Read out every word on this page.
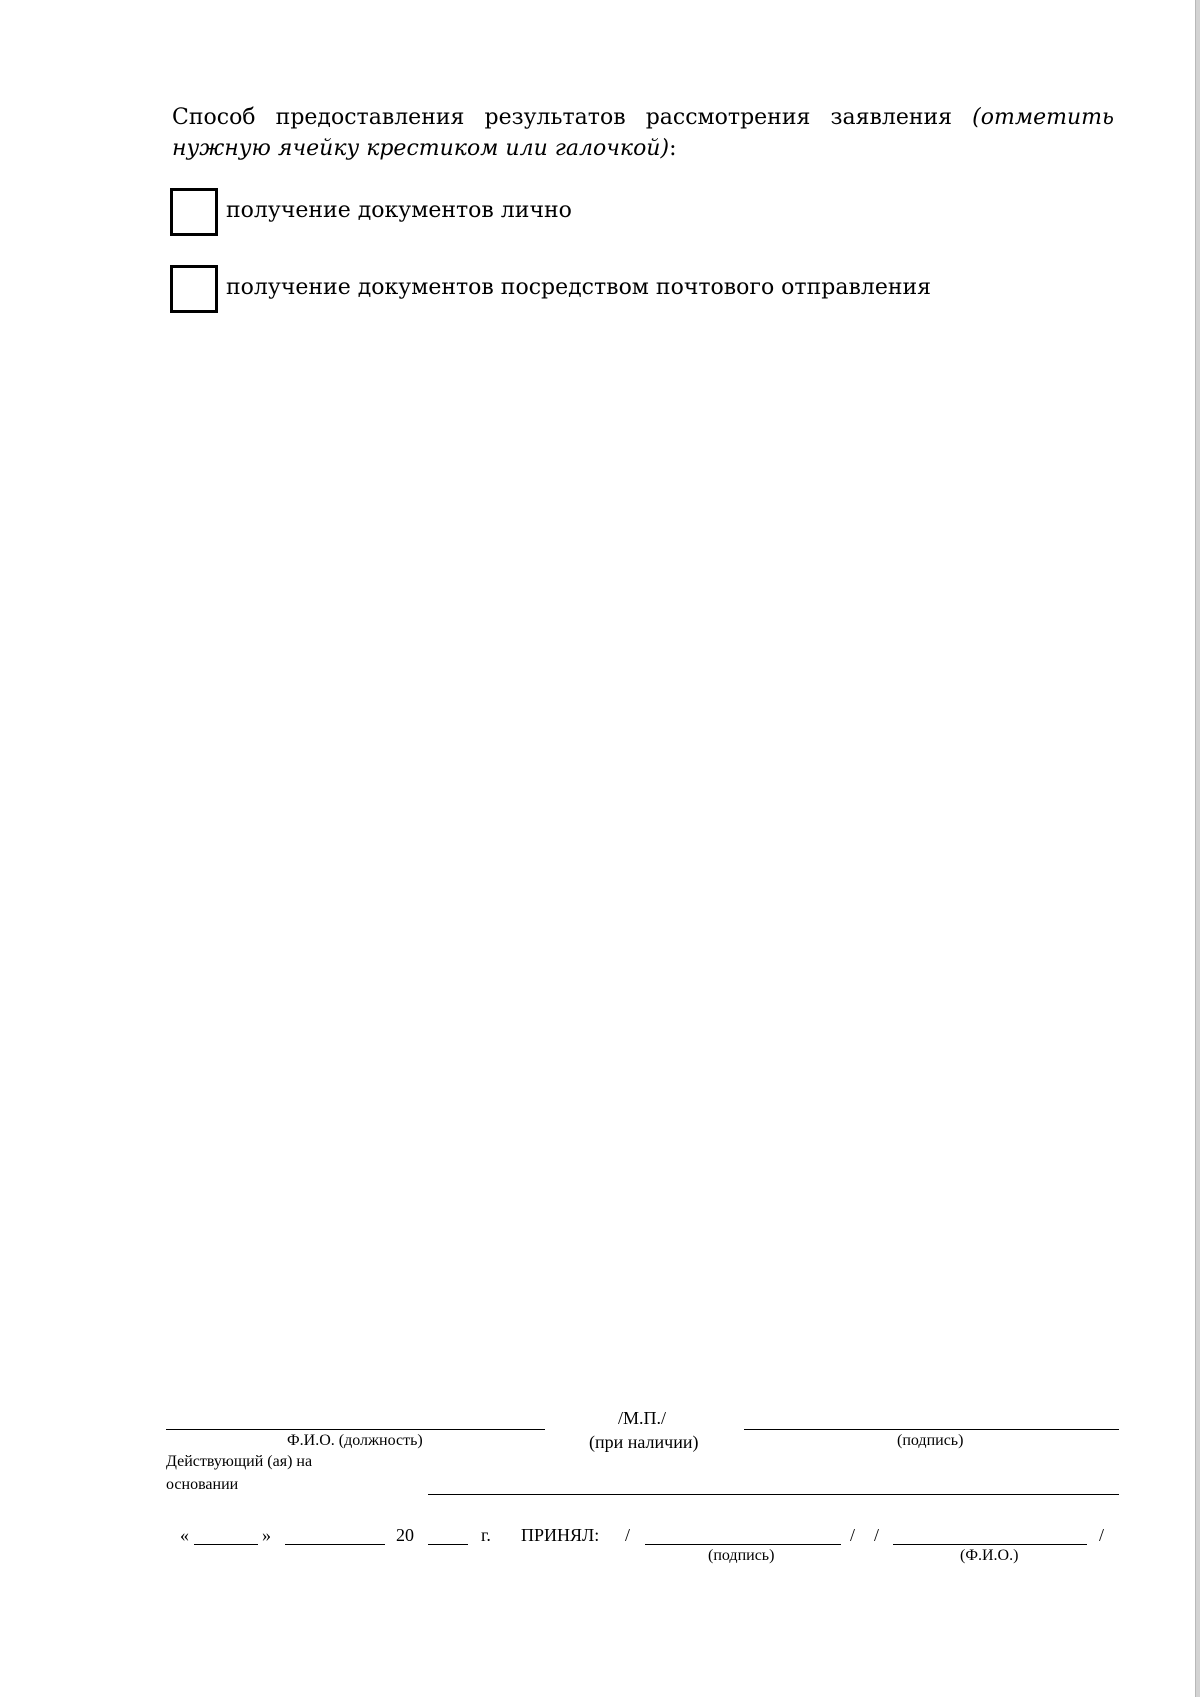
Способ предоставления результатов рассмотрения заявления (отметить нужную ячейку крестиком или галочкой):
получение документов лично
получение документов посредством почтового отправления
Ф.И.О. (должность)
/М.П./
(при наличии)	(подпись)
Действующий (ая) на
основании
«	»	20	г. ПРИНЯЛ: /	/ /	/
(подпись)	(Ф.И.О.)
